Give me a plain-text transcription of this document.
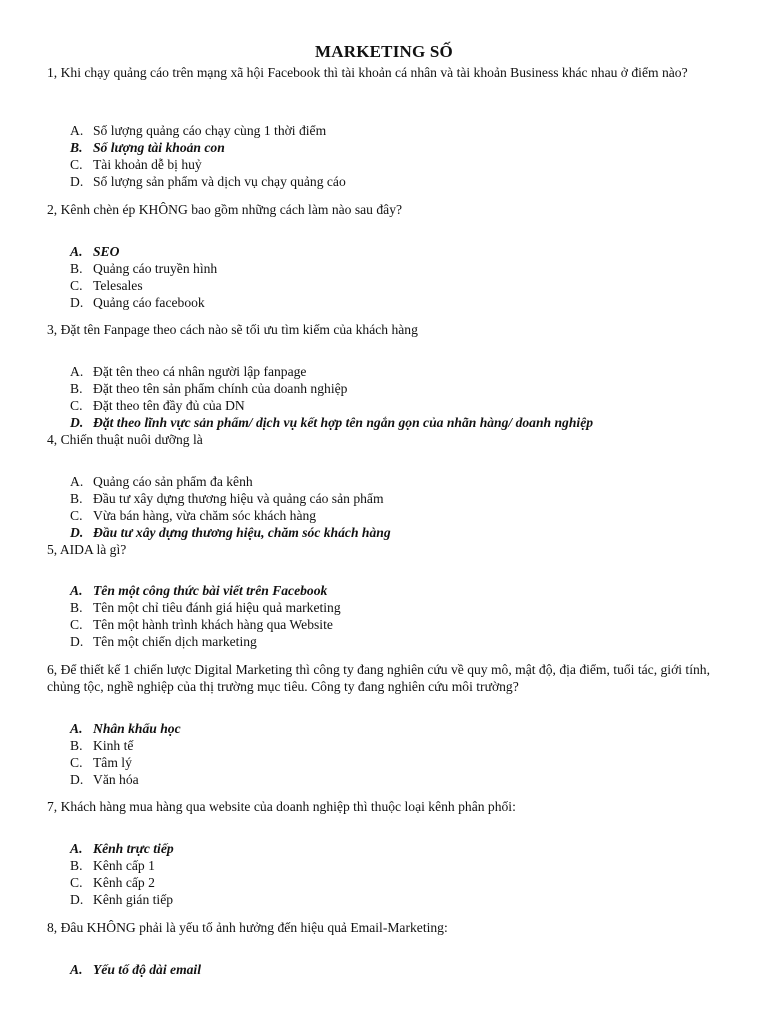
MARKETING SỐ
1, Khi chạy quảng cáo trên mạng xã hội Facebook thì tài khoản cá nhân và tài khoản Business khác nhau ở điểm nào?
A. Số lượng quảng cáo chạy cùng 1 thời điểm
B. Số lượng tài khoản con
C. Tài khoản dễ bị huỷ
D. Số lượng sản phẩm và dịch vụ chạy quảng cáo
2, Kênh chèn ép KHÔNG bao gồm những cách làm nào sau đây?
A. SEO
B. Quảng cáo truyền hình
C. Telesales
D. Quảng cáo facebook
3, Đặt tên Fanpage theo cách nào sẽ tối ưu tìm kiếm của khách hàng
A. Đặt tên theo cá nhân người lập fanpage
B. Đặt theo tên sản phẩm chính của doanh nghiệp
C. Đặt theo tên đầy đủ của DN
D. Đặt theo lĩnh vực sản phẩm/ dịch vụ kết hợp tên ngắn gọn của nhãn hàng/ doanh nghiệp
4, Chiến thuật nuôi dưỡng là
A. Quảng cáo sản phẩm đa kênh
B. Đầu tư xây dựng thương hiệu và quảng cáo sản phẩm
C. Vừa bán hàng, vừa chăm sóc khách hàng
D. Đầu tư xây dựng thương hiệu, chăm sóc khách hàng
5, AIDA là gì?
A. Tên một công thức bài viết trên Facebook
B. Tên một chỉ tiêu đánh giá hiệu quả marketing
C. Tên một hành trình khách hàng qua Website
D. Tên một chiến dịch marketing
6, Để thiết kế 1 chiến lược Digital Marketing thì công ty đang nghiên cứu về quy mô, mật độ, địa điểm, tuổi tác, giới tính, chủng tộc, nghề nghiệp của thị trường mục tiêu. Công ty đang nghiên cứu môi trường?
A. Nhân khẩu học
B. Kinh tế
C. Tâm lý
D. Văn hóa
7, Khách hàng mua hàng qua website của doanh nghiệp thì thuộc loại kênh phân phối:
A. Kênh trực tiếp
B. Kênh cấp 1
C. Kênh cấp 2
D. Kênh gián tiếp
8, Đâu KHÔNG phải là yếu tố ảnh hưởng đến hiệu quả Email-Marketing:
A. Yếu tố độ dài email
